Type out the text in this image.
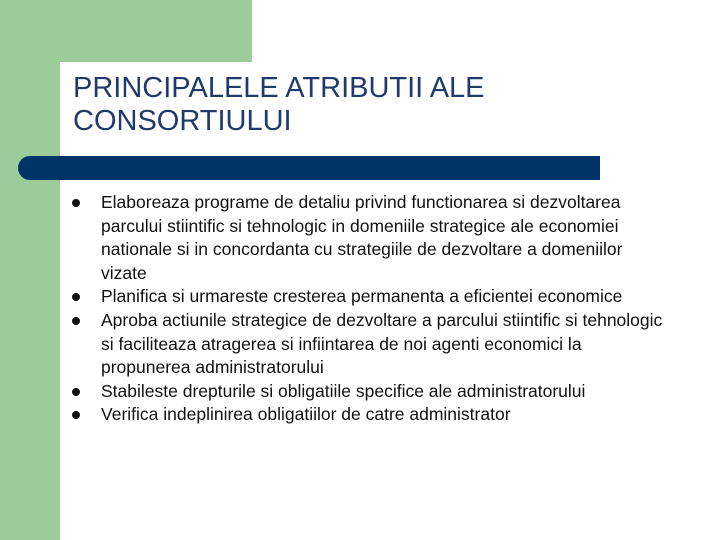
PRINCIPALELE ATRIBUTII ALE
CONSORTIULUI
Elaboreaza programe de detaliu privind functionarea si dezvoltarea parcului stiintific si tehnologic in domeniile strategice ale economiei nationale si in concordanta cu strategiile de dezvoltare a domeniilor vizate
Planifica si urmareste cresterea permanenta a eficientei economice
Aproba actiunile strategice de dezvoltare a parcului stiintific si tehnologic si faciliteaza atragerea si infiintarea de noi agenti economici la propunerea administratorului
Stabileste drepturile si obligatiile specifice ale administratorului
Verifica indeplinirea obligatiilor de catre administrator
